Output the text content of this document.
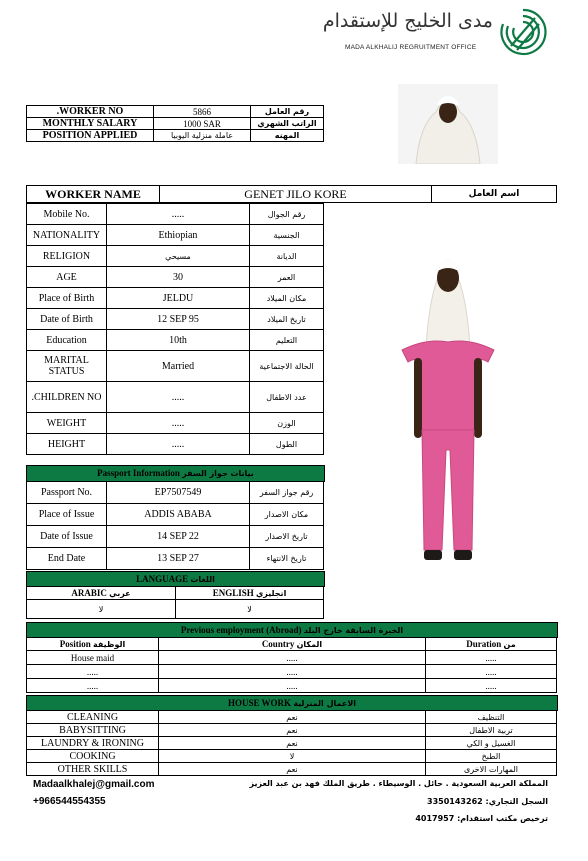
مدى الخليج للإستقدام
MADA ALKHALIJ REGRUITMENT OFFICE
.WORKER NO	5866	رقم العامل
MONTHLY SALARY	1000 SAR	الراتب الشهري
POSITION APPLIED	عاملة منزلية اليوبيا	المهنه
WORKER NAME	GENET JILO KORE	اسم العامل
Mobile No.	.....	رقم الجوال
NATIONALITY	Ethiopian	الجنسية
RELIGION	مسيحي	الديانة
AGE	30	العمر
Place of Birth	JELDU	مكان الميلاد
Date of Birth	12 SEP 95	تاريخ الميلاد
Education	10th	التعليم
MARITAL STATUS	Married	الحالة الاجتماعية
.CHILDREN NO	.....	عدد الاطفال
WEIGHT	.....	الوزن
HEIGHT	.....	الطول
Passport Information بيانات جواز السفر
Passport No.	EP7507549	رقم جواز السفر
Place of Issue	ADDIS ABABA	مكان الاصدار
Date of Issue	14 SEP 22	تاريخ الاصدار
End Date	13 SEP 27	تاريخ الانتهاء
LANGUAGE اللغات
ARABIC عربي	ENGLISH انجليزي
لا	لا
Previous employment (Abroad) الخبرة السابقة خارج البلد
Position الوظيفة	Country المكان	Duration من
House maid	.....	.....
.....	.....	.....
.....	.....	.....
HOUSE WORK الاعمال المنزلية
CLEANING	نعم	التنظيف
BABYSITTING	نعم	تربية الاطفال
LAUNDRY & IRONING	نعم	الغسيل و الكي
COOKING	لا	الطبخ
OTHER SKILLS	نعم	المهارات الاخرى
Madaalkhalej@gmail.com
+966544554355
المملكة العربية السعودية . حائل . الوسيطاء . طريق الملك فهد بن عبد العزيز
السجل التجاري: 3350143262
ترخيص مكتب استقدام: 4017957
